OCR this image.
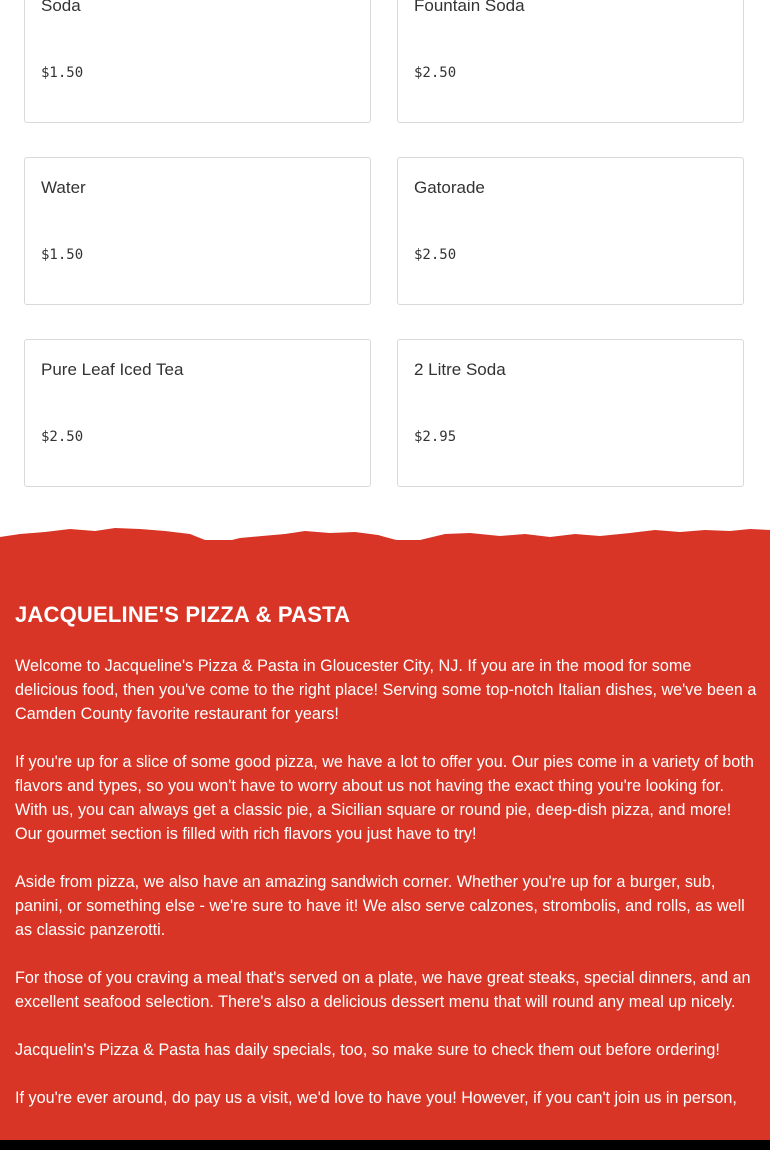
Soda
$1.50
Fountain Soda
$2.50
Water
$1.50
Gatorade
$2.50
Pure Leaf Iced Tea
$2.50
2 Litre Soda
$2.95
JACQUELINE'S PIZZA & PASTA

Welcome to Jacqueline's Pizza & Pasta in Gloucester City, NJ. If you are in the mood for some delicious food, then you've come to the right place! Serving some top-notch Italian dishes, we've been a Camden County favorite restaurant for years!

If you're up for a slice of some good pizza, we have a lot to offer you. Our pies come in a variety of both flavors and types, so you won't have to worry about us not having the exact thing you're looking for. With us, you can always get a classic pie, a Sicilian square or round pie, deep-dish pizza, and more! Our gourmet section is filled with rich flavors you just have to try!

Aside from pizza, we also have an amazing sandwich corner. Whether you're up for a burger, sub, panini, or something else - we're sure to have it! We also serve calzones, strombolis, and rolls, as well as classic panzerotti.

For those of you craving a meal that's served on a plate, we have great steaks, special dinners, and an excellent seafood selection. There's also a delicious dessert menu that will round any meal up nicely.

Jacquelin's Pizza & Pasta has daily specials, too, so make sure to check them out before ordering!

If you're ever around, do pay us a visit, we'd love to have you! However, if you can't join us in person,
